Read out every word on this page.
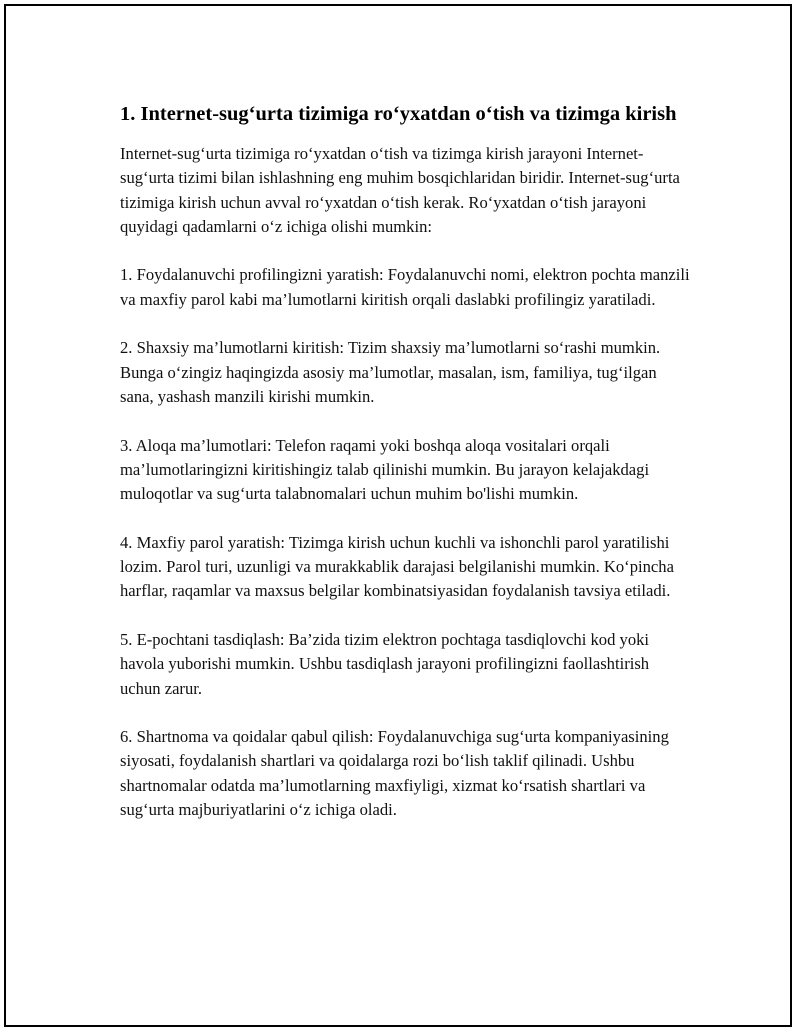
1. Internet-sug‘urta tizimiga ro‘yxatdan o‘tish va tizimga kirish

Internet-sug‘urta tizimiga ro‘yxatdan o‘tish va tizimga kirish jarayoni Internet-sug‘urta tizimi bilan ishlashning eng muhim bosqichlaridan biridir. Internet-sug‘urta tizimiga kirish uchun avval ro‘yxatdan o‘tish kerak. Ro‘yxatdan o‘tish jarayoni quyidagi qadamlarni o‘z ichiga olishi mumkin:

1. Foydalanuvchi profilingizni yaratish: Foydalanuvchi nomi, elektron pochta manzili va maxfiy parol kabi ma’lumotlarni kiritish orqali daslabki profilingiz yaratiladi.

2. Shaxsiy ma’lumotlarni kiritish: Tizim shaxsiy ma’lumotlarni so‘rashi mumkin. Bunga o‘zingiz haqingizda asosiy ma’lumotlar, masalan, ism, familiya, tug‘ilgan sana, yashash manzili kirishi mumkin.

3. Aloqa ma’lumotlari: Telefon raqami yoki boshqa aloqa vositalari orqali ma’lumotlaringizni kiritishingiz talab qilinishi mumkin. Bu jarayon kelajakdagi muloqotlar va sug‘urta talabnomalari uchun muhim bo'lishi mumkin.

4. Maxfiy parol yaratish: Tizimga kirish uchun kuchli va ishonchli parol yaratilishi lozim. Parol turi, uzunligi va murakkablik darajasi belgilanishi mumkin. Ko‘pincha harflar, raqamlar va maxsus belgilar kombinatsiyasidan foydalanish tavsiya etiladi.

5. E-pochtani tasdiqlash: Ba’zida tizim elektron pochtaga tasdiqlovchi kod yoki havola yuborishi mumkin. Ushbu tasdiqlash jarayoni profilingizni faollashtirish uchun zarur.

6. Shartnoma va qoidalar qabul qilish: Foydalanuvchiga sug‘urta kompaniyasining siyosati, foydalanish shartlari va qoidalarga rozi bo‘lish taklif qilinadi. Ushbu shartnomalar odatda ma’lumotlarning maxfiyligi, xizmat ko‘rsatish shartlari va sug‘urta majburiyatlarini o‘z ichiga oladi.
